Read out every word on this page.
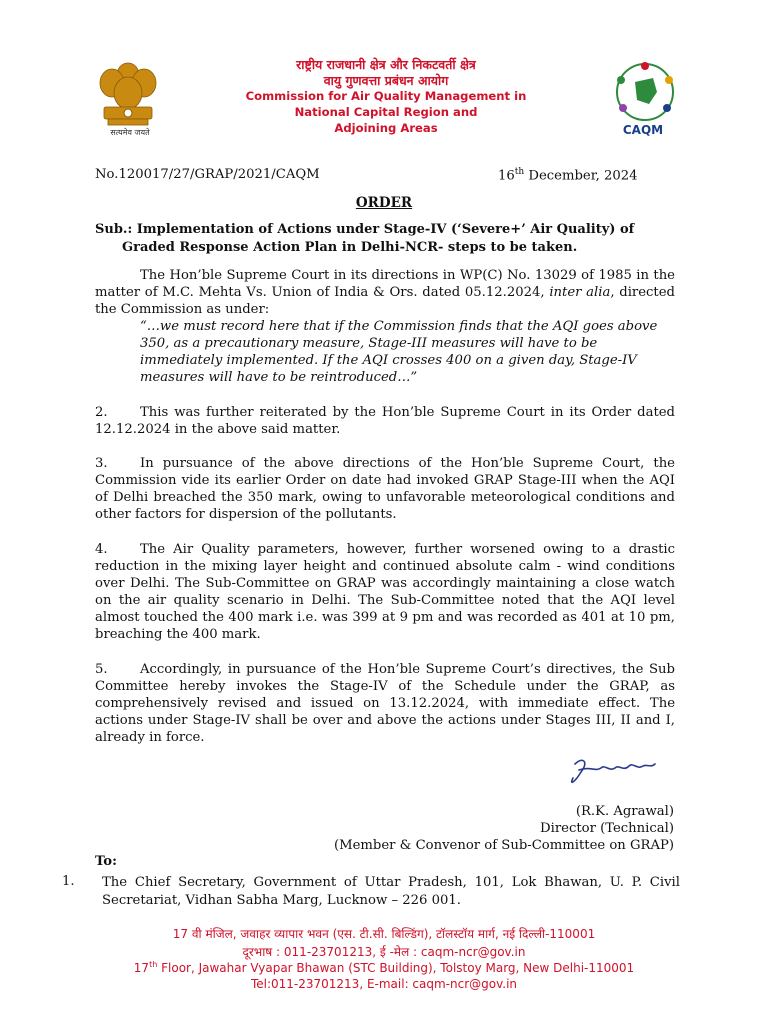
सत्यमेव जयते
राष्ट्रीय राजधानी क्षेत्र और निकटवर्ती क्षेत्र
वायु गुणवत्ता प्रबंधन आयोग
Commission for Air Quality Management in
National Capital Region and
Adjoining Areas	CAQM
No.120017/27/GRAP/2021/CAQM	16th December, 2024
ORDER
Sub.: Implementation of Actions under Stage-IV (‘Severe+’ Air Quality) of
Graded Response Action Plan in Delhi-NCR- steps to be taken.
The Hon’ble Supreme Court in its directions in WP(C) No. 13029 of 1985 in the matter of M.C. Mehta Vs. Union of India & Ors. dated 05.12.2024, inter alia, directed the Commission as under:
“…we must record here that if the Commission finds that the AQI goes above 350, as a precautionary measure, Stage-III measures will have to be immediately implemented. If the AQI crosses 400 on a given day, Stage-IV measures will have to be reintroduced…”
2. This was further reiterated by the Hon’ble Supreme Court in its Order dated 12.12.2024 in the above said matter.
3. In pursuance of the above directions of the Hon’ble Supreme Court, the Commission vide its earlier Order on date had invoked GRAP Stage-III when the AQI of Delhi breached the 350 mark, owing to unfavorable meteorological conditions and other factors for dispersion of the pollutants.
4. The Air Quality parameters, however, further worsened owing to a drastic reduction in the mixing layer height and continued absolute calm - wind conditions over Delhi. The Sub-Committee on GRAP was accordingly maintaining a close watch on the air quality scenario in Delhi. The Sub-Committee noted that the AQI level almost touched the 400 mark i.e. was 399 at 9 pm and was recorded as 401 at 10 pm, breaching the 400 mark.
5. Accordingly, in pursuance of the Hon’ble Supreme Court’s directives, the Sub Committee hereby invokes the Stage-IV of the Schedule under the GRAP, as comprehensively revised and issued on 13.12.2024, with immediate effect. The actions under Stage-IV shall be over and above the actions under Stages III, II and I, already in force.
(R.K. Agrawal)
Director (Technical)
(Member & Convenor of Sub-Committee on GRAP)
To:
1. The Chief Secretary, Government of Uttar Pradesh, 101, Lok Bhawan, U. P. Civil Secretariat, Vidhan Sabha Marg, Lucknow – 226 001.
17 वी मंजिल, जवाहर व्यापार भवन (एस. टी.सी. बिल्डिंग), टॉलस्टॉय मार्ग, नई दिल्ली-110001
दूरभाष : 011-23701213, ई -मेल : caqm-ncr@gov.in
17th Floor, Jawahar Vyapar Bhawan (STC Building), Tolstoy Marg, New Delhi-110001
Tel:011-23701213, E-mail: caqm-ncr@gov.in
